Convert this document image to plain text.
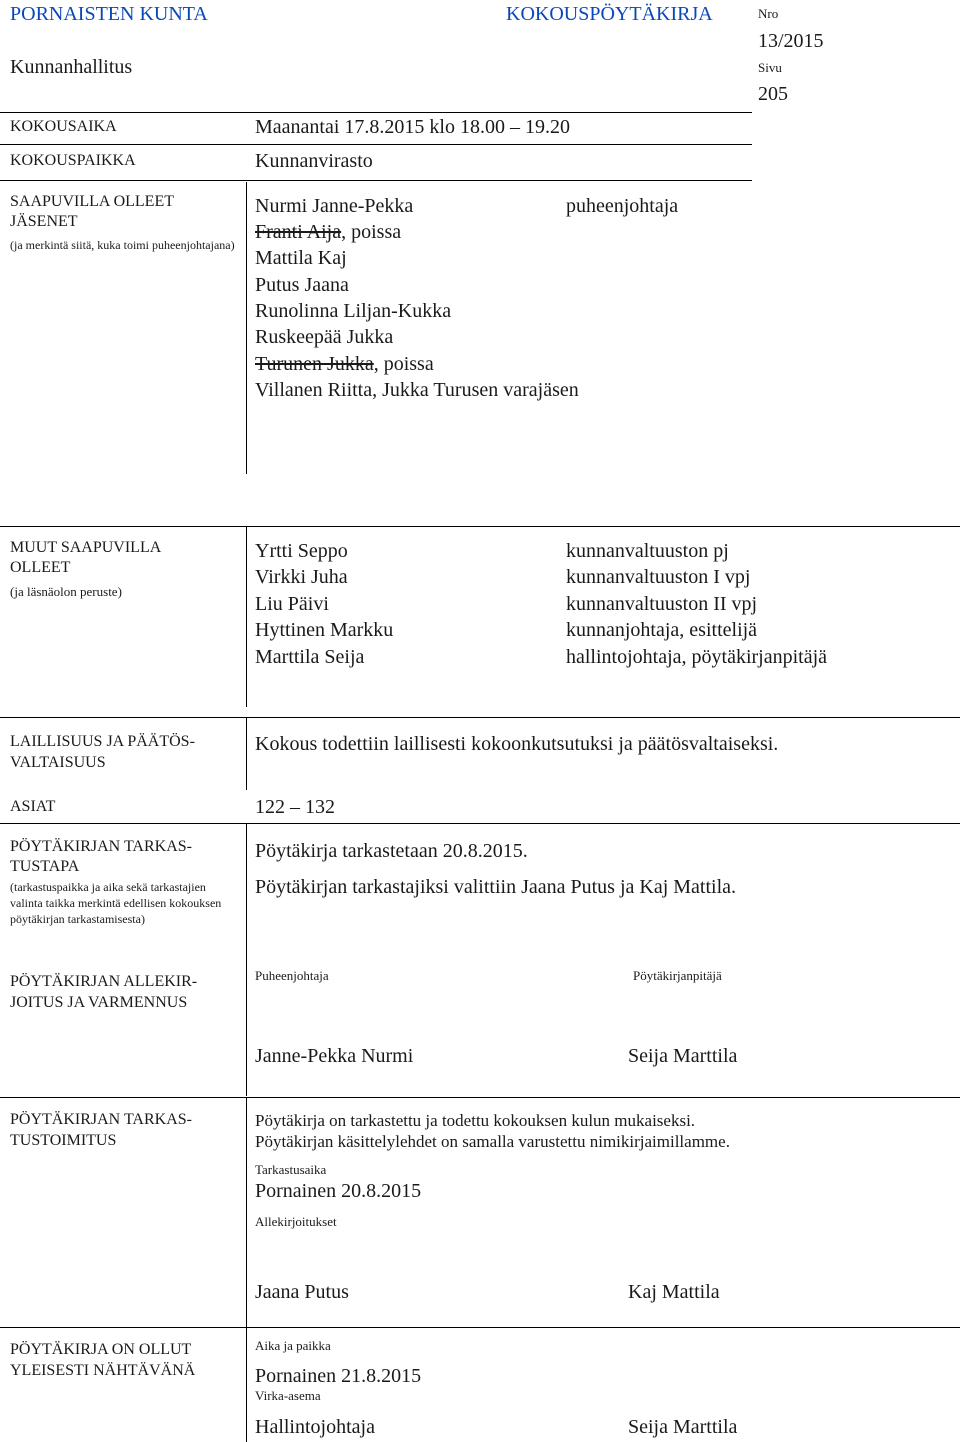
PORNAISTEN KUNTA	KOKOUSPÖYTÄKIRJA	Nro
13/2015
Kunnanhallitus	Sivu
205
KOKOUSAIKA	Maanantai 17.8.2015 klo 18.00 – 19.20
KOKOUSPAIKKA	Kunnanvirasto
SAAPUVILLA OLLEET JÄSENET
(ja merkintä siitä, kuka toimi puheenjohtajana)
Nurmi Janne-Pekka	puheenjohtaja
Franti Aija, poissa
Mattila Kaj
Putus Jaana
Runolinna Liljan-Kukka
Ruskeepää Jukka
Turunen Jukka, poissa
Villanen Riitta, Jukka Turusen varajäsen
MUUT SAAPUVILLA OLLEET
(ja läsnäolon peruste)
Yrtti Seppo	kunnanvaltuuston pj
Virkki Juha	kunnanvaltuuston I vpj
Liu Päivi	kunnanvaltuuston II vpj
Hyttinen Markku	kunnanjohtaja, esittelijä
Marttila Seija	hallintojohtaja, pöytäkirjanpitäjä
LAILLISUUS JA PÄÄTÖS-
VALTAISUUS
Kokous todettiin laillisesti kokoonkutsutuksi ja päätösvaltaiseksi.
ASIAT	122 – 132
PÖYTÄKIRJAN TARKAS-
TUSTAPA
(tarkastuspaikka ja aika sekä tarkastajien valinta taikka merkintä edellisen kokouksen pöytäkirjan tarkastamisesta)
Pöytäkirja tarkastetaan 20.8.2015.
Pöytäkirjan tarkastajiksi valittiin Jaana Putus ja Kaj Mattila.
PÖYTÄKIRJAN ALLEKIR-
JOITUS JA VARMENNUS
Puheenjohtaja	Pöytäkirjanpitäjä
Janne-Pekka Nurmi	Seija Marttila
PÖYTÄKIRJAN TARKAS-
TUSTOIMITUS
Pöytäkirja on tarkastettu ja todettu kokouksen kulun mukaiseksi.
Pöytäkirjan käsittelylehdet on samalla varustettu nimikirjaimillamme.
Tarkastusaika
Pornainen 20.8.2015
Allekirjoitukset
Jaana Putus	Kaj Mattila
PÖYTÄKIRJA ON OLLUT
YLEISESTI NÄHTÄVÄNÄ
Aika ja paikka
Pornainen 21.8.2015
Virka-asema
Hallintojohtaja	Seija Marttila
